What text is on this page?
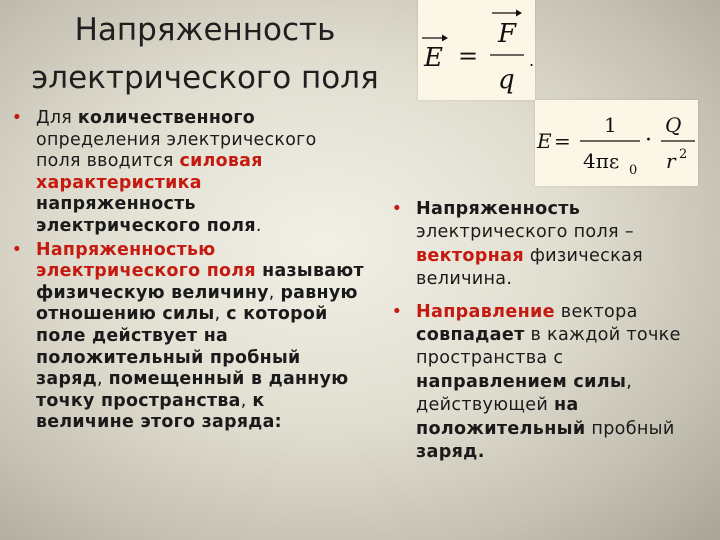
Напряженность
электрического поля
E =
F
q
.
E =
1
4πε 0
·
Q
r 2
• Для количественного определения электрического поля вводится силовая характеристика напряженность электрического поля.
• Напряженностью электрического поля называют физическую величину, равную отношению силы, с которой поле действует на положительный пробный заряд, помещенный в данную точку пространства, к величине этого заряда:
• Напряженность электрического поля – векторная физическая величина.
• Направление вектора совпадает в каждой точке пространства с направлением силы, действующей на положительный пробный заряд.
